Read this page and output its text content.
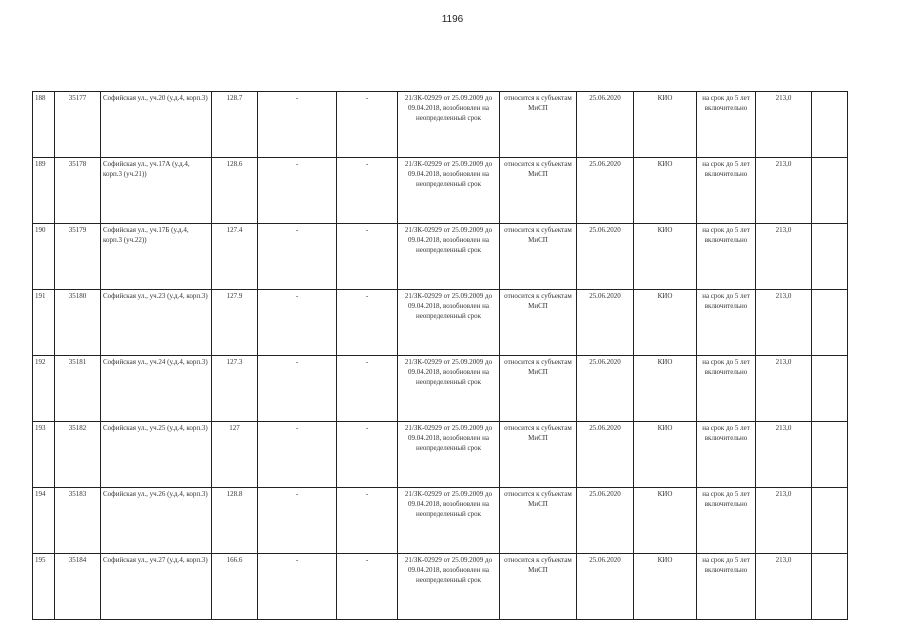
1196
188	35177	Софийская ул., уч.20 (у.д.4, корп.3)	128.7	-	-	21/ЗК-02929 от 25.09.2009 до 09.04.2018, возобновлен на неопределенный срок	относится к субъектам МиСП	25.06.2020	КИО	на срок до 5 лет включительно	213,0	
189	35178	Софийская ул., уч.17А (у.д.4, корп.3 (уч.21))	128.6	-	-	21/ЗК-02929 от 25.09.2009 до 09.04.2018, возобновлен на неопределенный срок	относится к субъектам МиСП	25.06.2020	КИО	на срок до 5 лет включительно	213,0	
190	35179	Софийская ул., уч.17Б (у.д.4, корп.3 (уч.22))	127.4	-	-	21/ЗК-02929 от 25.09.2009 до 09.04.2018, возобновлен на неопределенный срок	относится к субъектам МиСП	25.06.2020	КИО	на срок до 5 лет включительно	213,0	
191	35180	Софийская ул., уч.23 (у.д.4, корп.3)	127.9	-	-	21/ЗК-02929 от 25.09.2009 до 09.04.2018, возобновлен на неопределенный срок	относится к субъектам МиСП	25.06.2020	КИО	на срок до 5 лет включительно	213,0	
192	35181	Софийская ул., уч.24 (у.д.4, корп.3)	127.3	-	-	21/ЗК-02929 от 25.09.2009 до 09.04.2018, возобновлен на неопределенный срок	относится к субъектам МиСП	25.06.2020	КИО	на срок до 5 лет включительно	213,0	
193	35182	Софийская ул., уч.25 (у.д.4, корп.3)	127	-	-	21/ЗК-02929 от 25.09.2009 до 09.04.2018, возобновлен на неопределенный срок	относится к субъектам МиСП	25.06.2020	КИО	на срок до 5 лет включительно	213,0	
194	35183	Софийская ул., уч.26 (у.д.4, корп.3)	128.8	-	-	21/ЗК-02929 от 25.09.2009 до 09.04.2018, возобновлен на неопределенный срок	относится к субъектам МиСП	25.06.2020	КИО	на срок до 5 лет включительно	213,0	
195	35184	Софийская ул., уч.27 (у.д.4, корп.3)	166.6	-	-	21/ЗК-02929 от 25.09.2009 до 09.04.2018, возобновлен на неопределенный срок	относится к субъектам МиСП	25.06.2020	КИО	на срок до 5 лет включительно	213,0	
